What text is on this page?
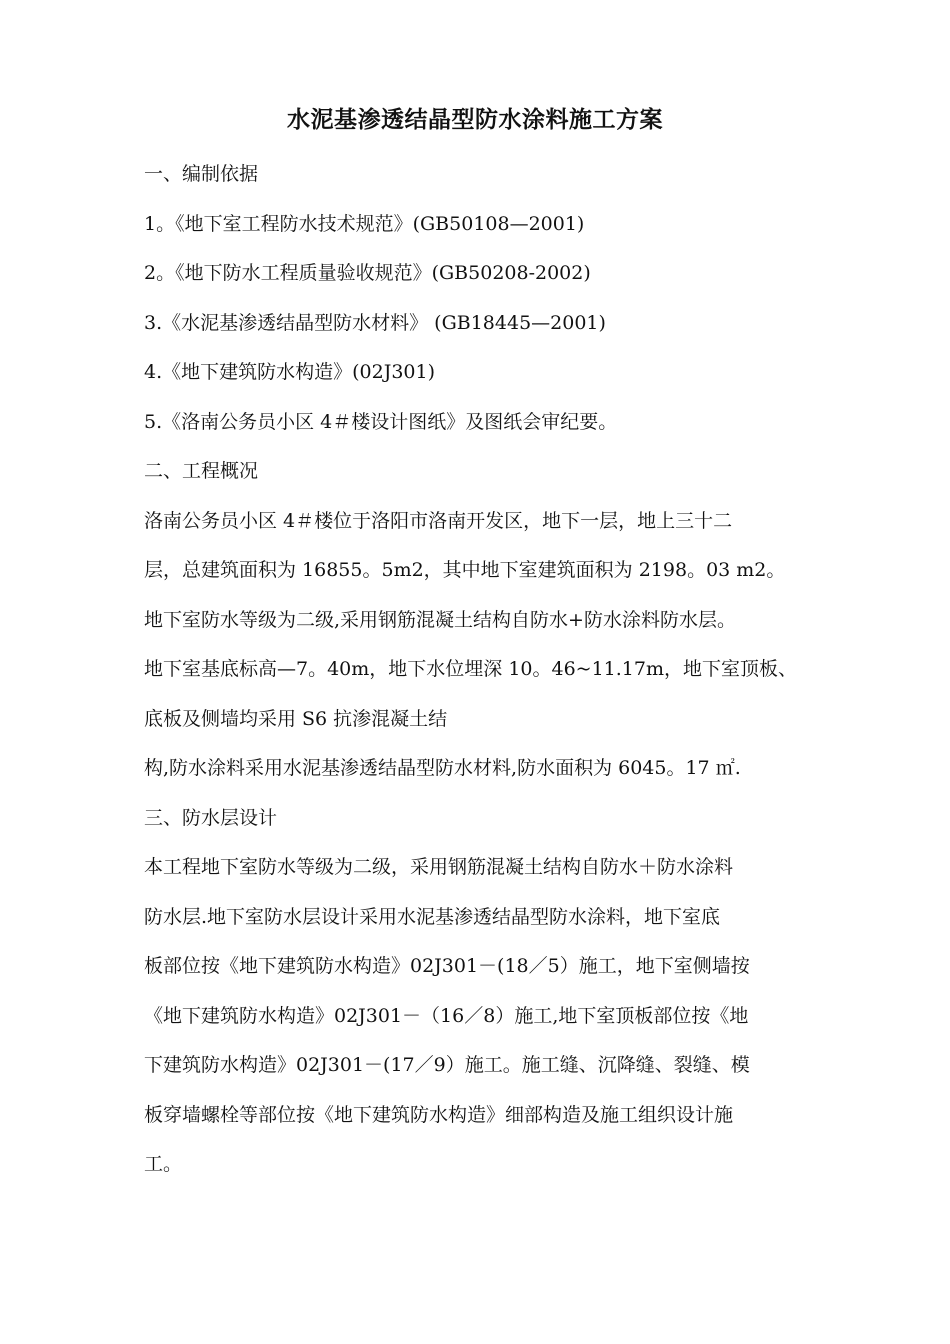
水泥基渗透结晶型防水涂料施工方案
一、编制依据
1。《地下室工程防水技术规范》(GB50108—2001)
2。《地下防水工程质量验收规范》(GB50208-2002)
3.《水泥基渗透结晶型防水材料》 (GB18445—2001)
4.《地下建筑防水构造》(02J301)
5.《洛南公务员小区 4＃楼设计图纸》及图纸会审纪要。
二、工程概况
洛南公务员小区 4＃楼位于洛阳市洛南开发区，地下一层，地上三十二
层，总建筑面积为 16855。5m2，其中地下室建筑面积为 2198。03 m2。
地下室防水等级为二级,采用钢筋混凝土结构自防水+防水涂料防水层。
地下室基底标高—7。40m，地下水位埋深 10。46~11.17m，地下室顶板、
底板及侧墙均采用 S6 抗渗混凝土结
构,防水涂料采用水泥基渗透结晶型防水材料,防水面积为 6045。17 ㎡.
三、防水层设计
本工程地下室防水等级为二级，采用钢筋混凝土结构自防水＋防水涂料
防水层.地下室防水层设计采用水泥基渗透结晶型防水涂料，地下室底
板部位按《地下建筑防水构造》02J301－(18／5）施工，地下室侧墙按
《地下建筑防水构造》02J301－（16／8）施工,地下室顶板部位按《地
下建筑防水构造》02J301－(17／9）施工。施工缝、沉降缝、裂缝、模
板穿墙螺栓等部位按《地下建筑防水构造》细部构造及施工组织设计施
工。
